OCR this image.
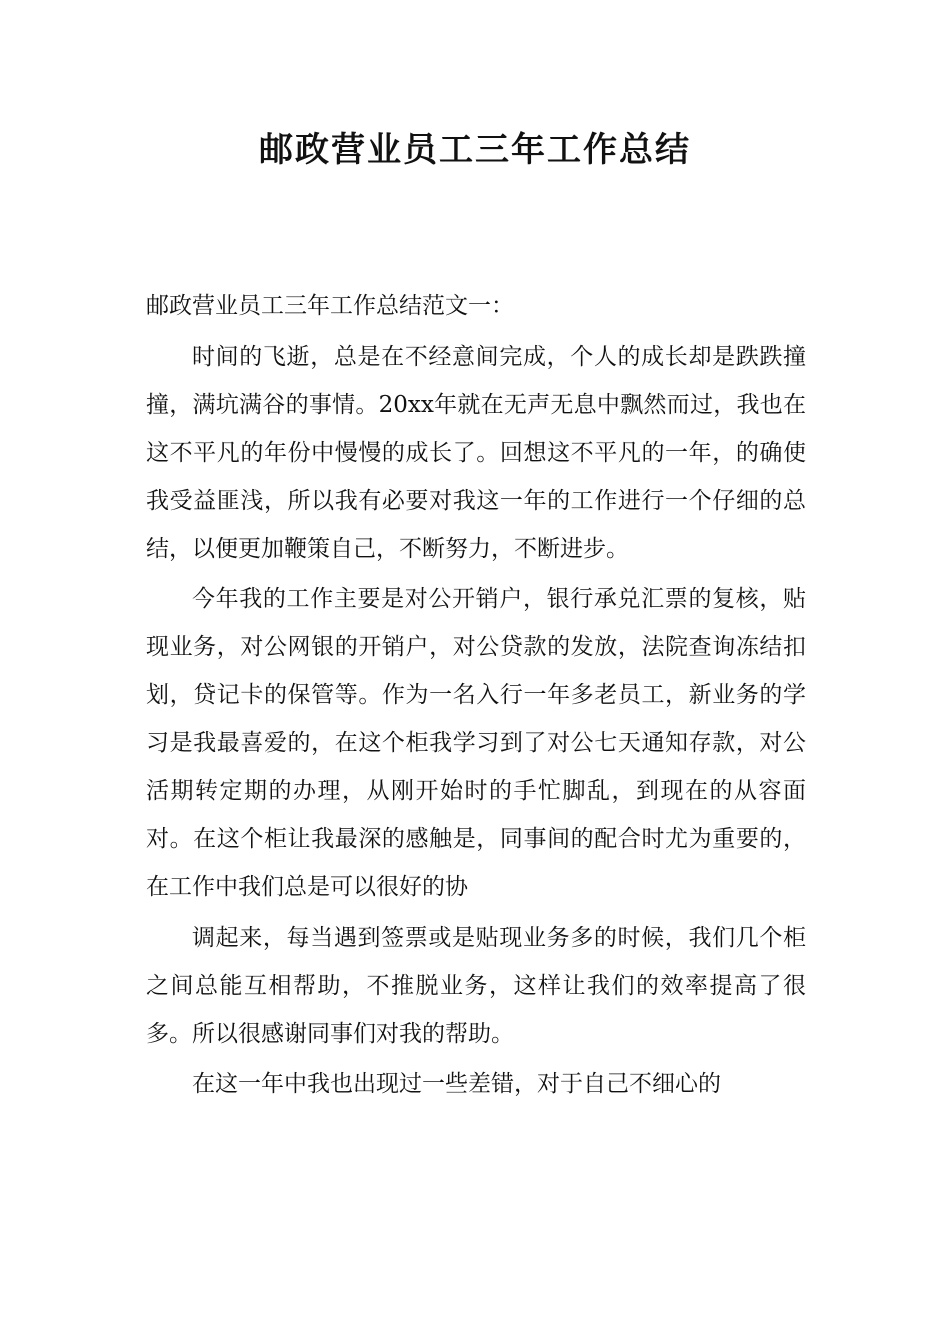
邮政营业员工三年工作总结

邮政营业员工三年工作总结范文一：

时间的飞逝，总是在不经意间完成，个人的成长却是跌跌撞撞，满坑满谷的事情。20xx年就在无声无息中飘然而过，我也在这不平凡的年份中慢慢的成长了。回想这不平凡的一年，的确使我受益匪浅，所以我有必要对我这一年的工作进行一个仔细的总结，以便更加鞭策自己，不断努力，不断进步。

今年我的工作主要是对公开销户，银行承兑汇票的复核，贴现业务，对公网银的开销户，对公贷款的发放，法院查询冻结扣划，贷记卡的保管等。作为一名入行一年多老员工，新业务的学习是我最喜爱的，在这个柜我学习到了对公七天通知存款，对公活期转定期的办理，从刚开始时的手忙脚乱，到现在的从容面对。在这个柜让我最深的感触是，同事间的配合时尤为重要的，在工作中我们总是可以很好的协

调起来，每当遇到签票或是贴现业务多的时候，我们几个柜之间总能互相帮助，不推脱业务，这样让我们的效率提高了很多。所以很感谢同事们对我的帮助。

在这一年中我也出现过一些差错，对于自己不细心的
